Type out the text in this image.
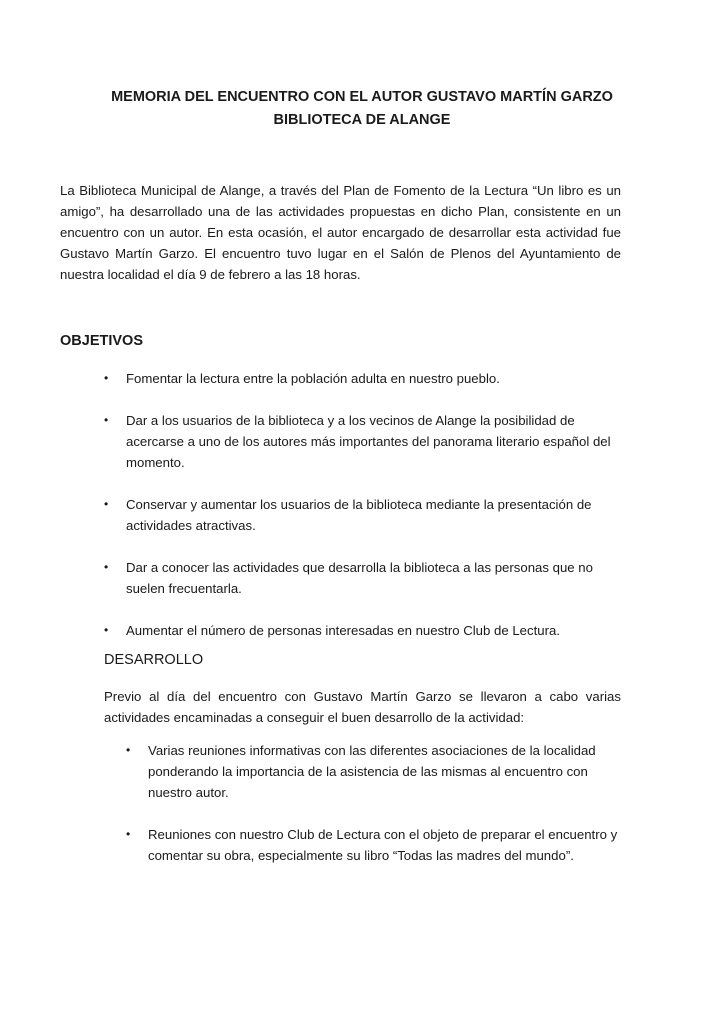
MEMORIA DEL ENCUENTRO CON EL AUTOR GUSTAVO MARTÍN GARZO
BIBLIOTECA DE ALANGE

La Biblioteca Municipal de Alange, a través del Plan de Fomento de la Lectura “Un libro es un amigo”, ha desarrollado una de las actividades propuestas en dicho Plan, consistente en un encuentro con un autor. En esta ocasión, el autor encargado de desarrollar esta actividad fue Gustavo Martín Garzo. El encuentro tuvo lugar en el Salón de Plenos del Ayuntamiento de nuestra localidad el día 9 de febrero a las 18 horas.

OBJETIVOS
• Fomentar la lectura entre la población adulta en nuestro pueblo.
• Dar a los usuarios de la biblioteca y a los vecinos de Alange la posibilidad de acercarse a uno de los autores más importantes del panorama literario español del momento.
• Conservar y aumentar los usuarios de la biblioteca mediante la presentación de actividades atractivas.
• Dar a conocer las actividades que desarrolla la biblioteca a las personas que no suelen frecuentarla.
• Aumentar el número de personas interesadas en nuestro Club de Lectura.
DESARROLLO

Previo al día del encuentro con Gustavo Martín Garzo se llevaron a cabo varias actividades encaminadas a conseguir el buen desarrollo de la actividad:

• Varias reuniones informativas con las diferentes asociaciones de la localidad ponderando la importancia de la asistencia de las mismas al encuentro con nuestro autor.
• Reuniones con nuestro Club de Lectura con el objeto de preparar el encuentro y comentar su obra, especialmente su libro “Todas las madres del mundo”.
